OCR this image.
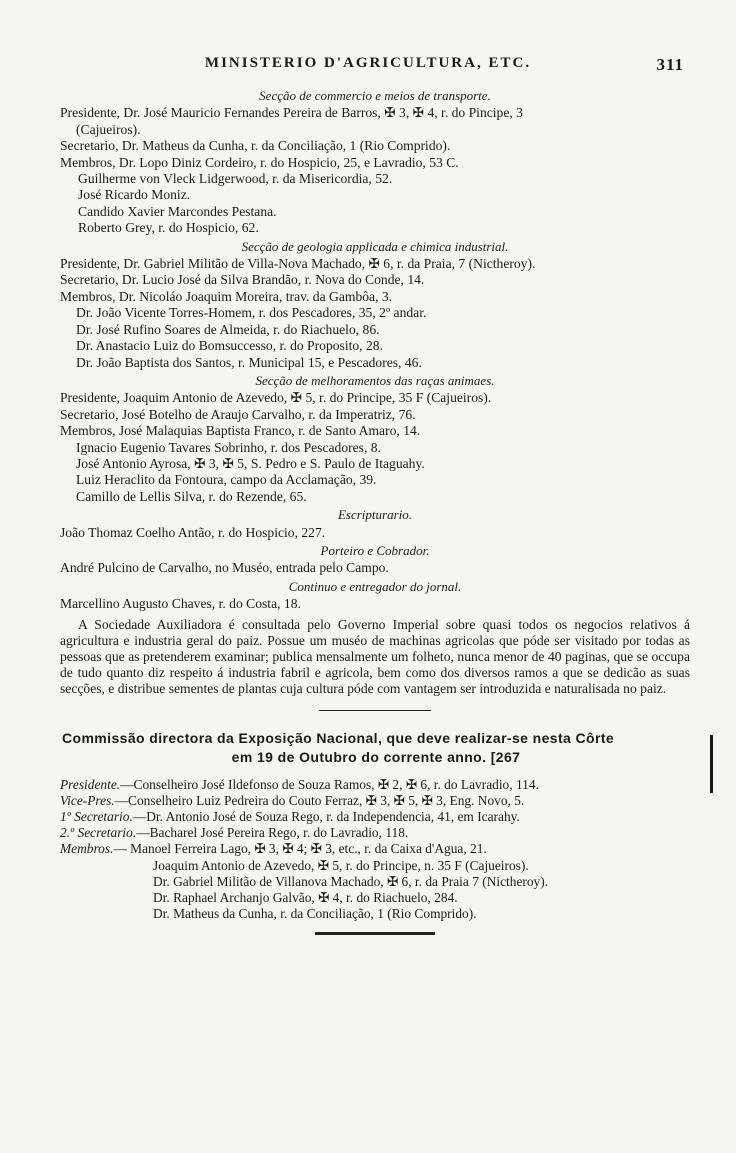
MINISTERIO D'AGRICULTURA, ETC.	311
Secção de commercio e meios de transporte.
Presidente, Dr. José Mauricio Fernandes Pereira de Barros, ✠ 3, ✠ 4, r. do Pincipe, 3
(Cajueiros).
Secretario, Dr. Matheus da Cunha, r. da Conciliação, 1 (Rio Comprido).
Membros, Dr. Lopo Diniz Cordeiro, r. do Hospicio, 25, e Lavradio, 53 C.
Guilherme von Vleck Lidgerwood, r. da Misericordia, 52.
José Ricardo Moniz.
Candido Xavier Marcondes Pestana.
Roberto Grey, r. do Hospicio, 62.
Secção de geologia applicada e chimica industrial.
Presidente, Dr. Gabriel Militão de Villa-Nova Machado, ✠ 6, r. da Praia, 7 (Nictheroy).
Secretario, Dr. Lucio José da Silva Brandão, r. Nova do Conde, 14.
Membros, Dr. Nicoláo Joaquim Moreira, trav. da Gambôa, 3.
Dr. João Vicente Torres-Homem, r. dos Pescadores, 35, 2º andar.
Dr. José Rufino Soares de Almeida, r. do Riachuelo, 86.
Dr. Anastacio Luiz do Bomsuccesso, r. do Proposito, 28.
Dr. João Baptista dos Santos, r. Municipal 15, e Pescadores, 46.
Secção de melhoramentos das raças animaes.
Presidente, Joaquim Antonio de Azevedo, ✠ 5, r. do Principe, 35 F (Cajueiros).
Secretario, José Botelho de Araujo Carvalho, r. da Imperatriz, 76.
Membros, José Malaquias Baptista Franco, r. de Santo Amaro, 14.
Ignacio Eugenio Tavares Sobrinho, r. dos Pescadores, 8.
José Antonio Ayrosa, ✠ 3, ✠ 5, S. Pedro e S. Paulo de Itaguahy.
Luiz Heraclito da Fontoura, campo da Acclamação, 39.
Camillo de Lellis Silva, r. do Rezende, 65.
Escripturario.
João Thomaz Coelho Antão, r. do Hospicio, 227.
Porteiro e Cobrador.
André Pulcino de Carvalho, no Muséo, entrada pelo Campo.
Continuo e entregador do jornal.
Marcellino Augusto Chaves, r. do Costa, 18.
A Sociedade Auxiliadora é consultada pelo Governo Imperial sobre quasi todos os negocios relativos á agricultura e industria geral do paiz. Possue um muséo de machinas agricolas que póde ser visitado por todas as pessoas que as pretenderem examinar; publica mensalmente um folheto, nunca menor de 40 paginas, que se occupa de tudo quanto diz respeito á industria fabril e agricola, bem como dos diversos ramos a que se dedicão as suas secções, e distribue sementes de plantas cuja cultura póde com vantagem ser introduzida e naturalisada no paiz.
Commissão directora da Exposição Nacional, que deve realizar-se nesta Côrte
em 19 de Outubro do corrente anno. [267
Presidente.—Conselheiro José Ildefonso de Souza Ramos, ✠ 2, ✠ 6, r. do Lavradio, 114.
Vice-Pres.—Conselheiro Luiz Pedreira do Couto Ferraz, ✠ 3, ✠ 5, ✠ 3, Eng. Novo, 5.
1º Secretario.—Dr. Antonio José de Souza Rego, r. da Independencia, 41, em Icarahy.
2.º Secretario.—Bacharel José Pereira Rego, r. do Lavradio, 118.
Membros.— Manoel Ferreira Lago, ✠ 3, ✠ 4; ✠ 3, etc., r. da Caixa d'Agua, 21.
Joaquim Antonio de Azevedo, ✠ 5, r. do Principe, n. 35 F (Cajueiros).
Dr. Gabriel Militão de Villanova Machado, ✠ 6, r. da Praia 7 (Nictheroy).
Dr. Raphael Archanjo Galvão, ✠ 4, r. do Riachuelo, 284.
Dr. Matheus da Cunha, r. da Conciliação, 1 (Rio Comprido).
